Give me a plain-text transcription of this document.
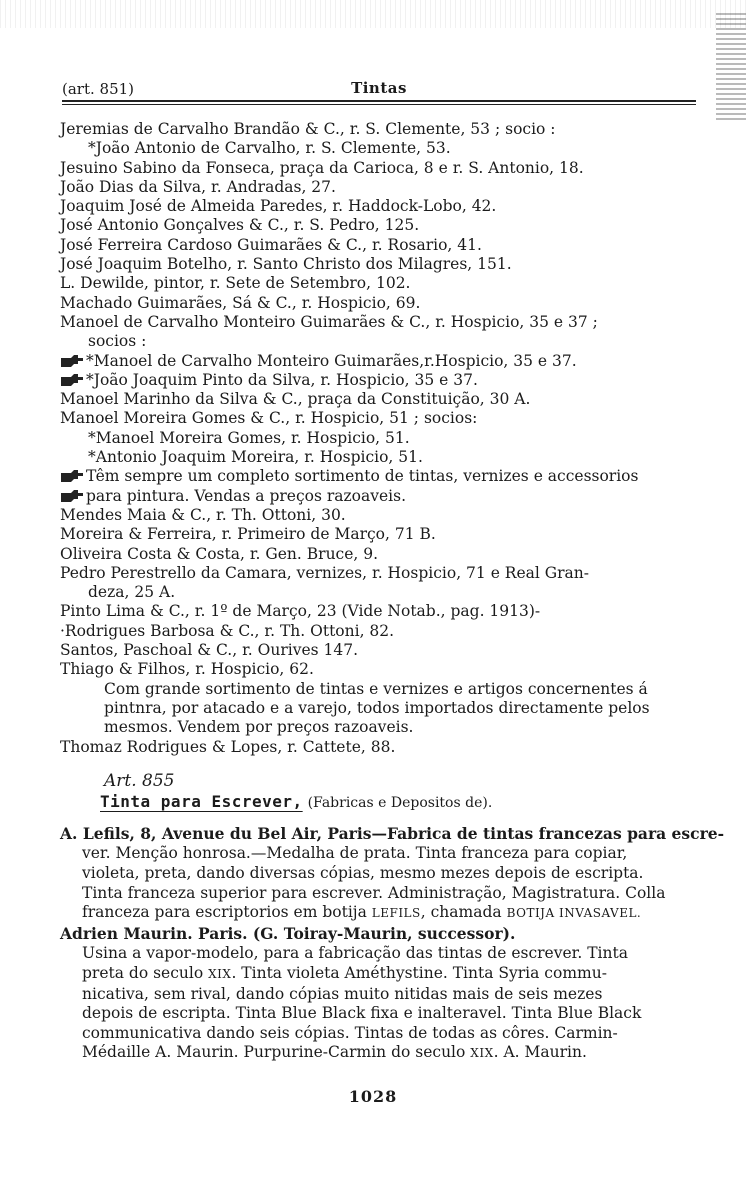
(art. 851)	Tintas
Jeremias de Carvalho Brandão & C., r. S. Clemente, 53 ; socio :
*João Antonio de Carvalho, r. S. Clemente, 53.
Jesuino Sabino da Fonseca, praça da Carioca, 8 e r. S. Antonio, 18.
João Dias da Silva, r. Andradas, 27.
Joaquim José de Almeida Paredes, r. Haddock-Lobo, 42.
José Antonio Gonçalves & C., r. S. Pedro, 125.
José Ferreira Cardoso Guimarães & C., r. Rosario, 41.
José Joaquim Botelho, r. Santo Christo dos Milagres, 151.
L. Dewilde, pintor, r. Sete de Setembro, 102.
Machado Guimarães, Sá & C., r. Hospicio, 69.
Manoel de Carvalho Monteiro Guimarães & C., r. Hospicio, 35 e 37 ;
socios :
*Manoel de Carvalho Monteiro Guimarães,r.Hospicio, 35 e 37.
*João Joaquim Pinto da Silva, r. Hospicio, 35 e 37.
Manoel Marinho da Silva & C., praça da Constituição, 30 A.
Manoel Moreira Gomes & C., r. Hospicio, 51 ; socios:
*Manoel Moreira Gomes, r. Hospicio, 51.
*Antonio Joaquim Moreira, r. Hospicio, 51.
Têm sempre um completo sortimento de tintas, vernizes e accessorios
para pintura. Vendas a preços razoaveis.
Mendes Maia & C., r. Th. Ottoni, 30.
Moreira & Ferreira, r. Primeiro de Março, 71 B.
Oliveira Costa & Costa, r. Gen. Bruce, 9.
Pedro Perestrello da Camara, vernizes, r. Hospicio, 71 e Real Gran-
deza, 25 A.
Pinto Lima & C., r. 1º de Março, 23 (Vide Notab., pag. 1913)-
·Rodrigues Barbosa & C., r. Th. Ottoni, 82.
Santos, Paschoal & C., r. Ourives 147.
Thiago & Filhos, r. Hospicio, 62.
Com grande sortimento de tintas e vernizes e artigos concernentes á
pintnra, por atacado e a varejo, todos importados directamente pelos
mesmos. Vendem por preços razoaveis.
Thomaz Rodrigues & Lopes, r. Cattete, 88.
Art. 855
Tinta para Escrever, (Fabricas e Depositos de).
A. Lefils, 8, Avenue du Bel Air, Paris—Fabrica de tintas francezas para escre-
ver. Menção honrosa.—Medalha de prata. Tinta franceza para copiar,
violeta, preta, dando diversas cópias, mesmo mezes depois de escripta.
Tinta franceza superior para escrever. Administração, Magistratura. Colla
franceza para escriptorios em botija LEFILS, chamada BOTIJA INVASAVEL.
Adrien Maurin. Paris. (G. Toiray-Maurin, successor).
Usina a vapor-modelo, para a fabricação das tintas de escrever. Tinta
preta do seculo XIX. Tinta violeta Améthystine. Tinta Syria commu-
nicativa, sem rival, dando cópias muito nitidas mais de seis mezes
depois de escripta. Tinta Blue Black fixa e inalteravel. Tinta Blue Black
communicativa dando seis cópias. Tintas de todas as côres. Carmin-
Médaille A. Maurin. Purpurine-Carmin do seculo XIX. A. Maurin.
1028
